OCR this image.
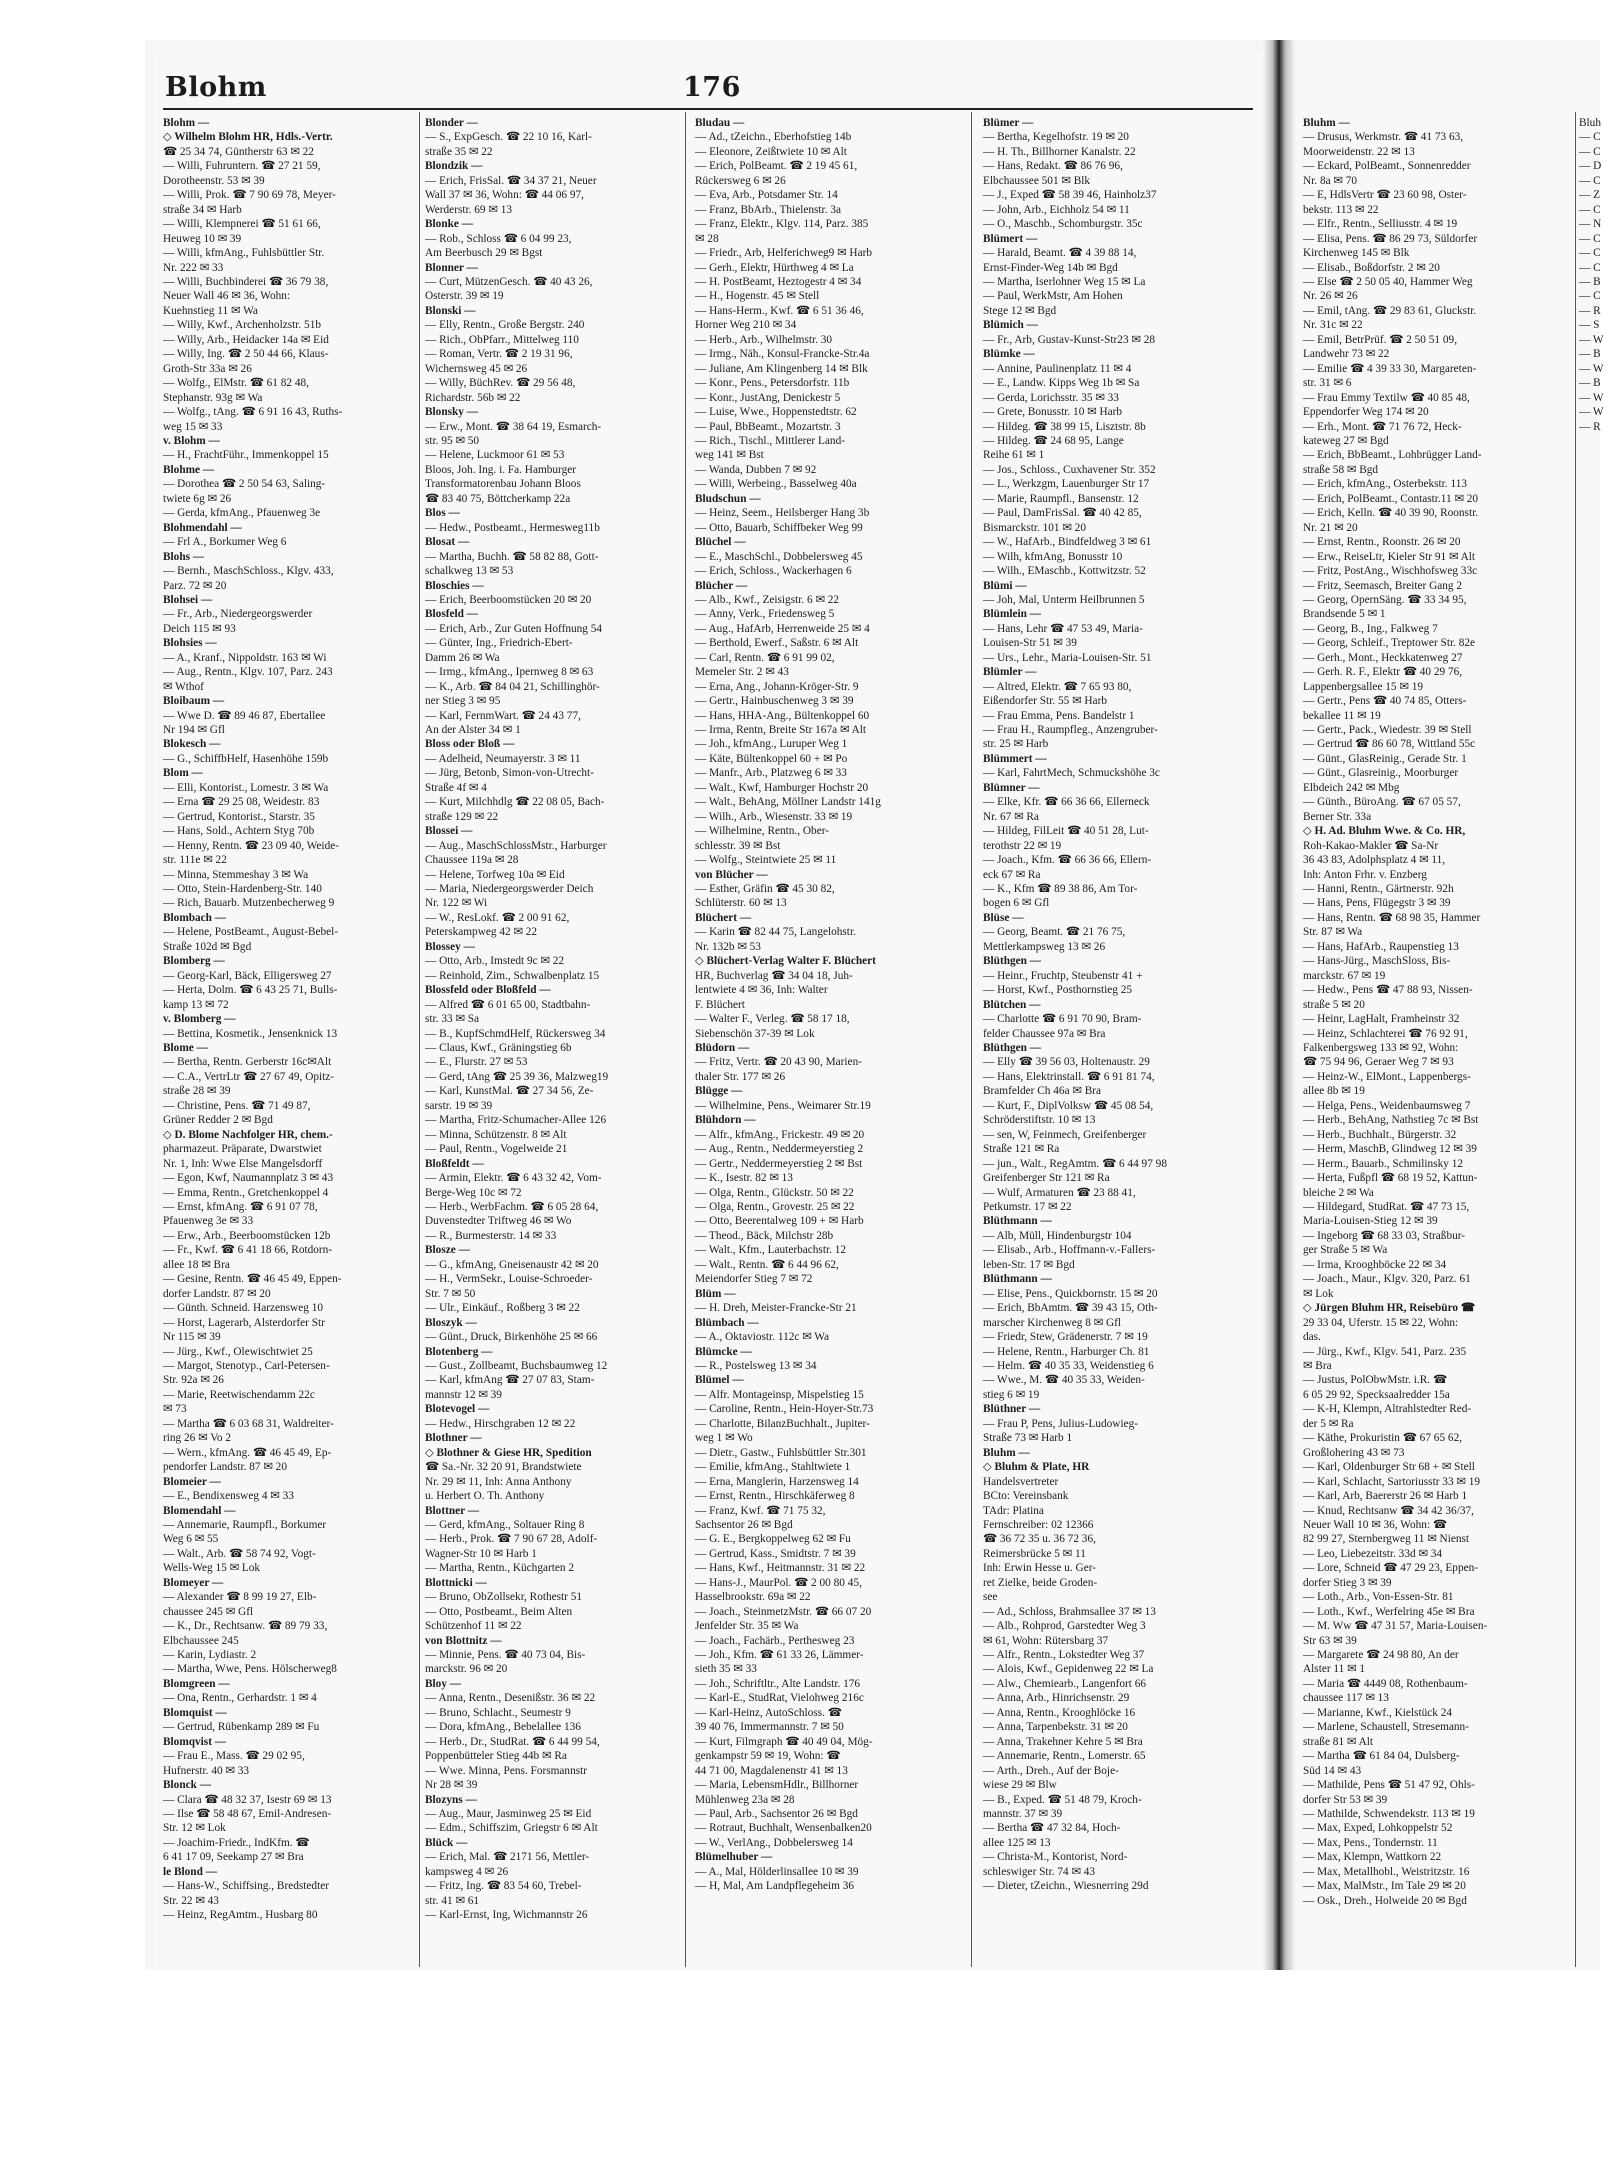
Blohm	176
Blohm —
◇ Wilhelm Blohm HR, Hdls.-Vertr.
☎ 25 34 74, Güntherstr 63 ✉ 22
— Willi, Fuhruntern. ☎ 27 21 59,
Dorotheenstr. 53 ✉ 39
— Willi, Prok. ☎ 7 90 69 78, Meyer-
straße 34 ✉ Harb
— Willi, Klempnerei ☎ 51 61 66,
Heuweg 10 ✉ 39
— Willi, kfmAng., Fuhlsbüttler Str.
Nr. 222 ✉ 33
— Willi, Buchbinderei ☎ 36 79 38,
Neuer Wall 46 ✉ 36, Wohn:
Kuehnstieg 11 ✉ Wa
— Willy, Kwf., Archenholzstr. 51b
— Willy, Arb., Heidacker 14a ✉ Eid
— Willy, Ing. ☎ 2 50 44 66, Klaus-
Groth-Str 33a ✉ 26
— Wolfg., ElMstr. ☎ 61 82 48,
Stephanstr. 93g ✉ Wa
— Wolfg., tAng. ☎ 6 91 16 43, Ruths-
weg 15 ✉ 33
v. Blohm —
— H., FrachtFühr., Immenkoppel 15
Blohme —
— Dorothea ☎ 2 50 54 63, Saling-
twiete 6g ✉ 26
— Gerda, kfmAng., Pfauenweg 3e
Blohmendahl —
— Frl A., Borkumer Weg 6
Blohs —
— Bernh., MaschSchloss., Klgv. 433,
Parz. 72 ✉ 20
Blohsei —
— Fr., Arb., Niedergeorgswerder
Deich 115 ✉ 93
Blohsies —
— A., Kranf., Nippoldstr. 163 ✉ Wi
— Aug., Rentn., Klgv. 107, Parz. 243
✉ Wthof
Bloibaum —
— Wwe D. ☎ 89 46 87, Ebertallee
Nr 194 ✉ Gfl
Blokesch —
— G., SchiffbHelf, Hasenhöhe 159b
Blom —
— Elli, Kontorist., Lomestr. 3 ✉ Wa
— Erna ☎ 29 25 08, Weidestr. 83
— Gertrud, Kontorist., Starstr. 35
— Hans, Sold., Achtern Styg 70b
— Henny, Rentn. ☎ 23 09 40, Weide-
str. 111e ✉ 22
— Minna, Stemmeshay 3 ✉ Wa
— Otto, Stein-Hardenberg-Str. 140
— Rich, Bauarb. Mutzenbecherweg 9
Blombach —
— Helene, PostBeamt., August-Bebel-
Straße 102d ✉ Bgd
Blomberg —
— Georg-Karl, Bäck, Elligersweg 27
— Herta, Dolm. ☎ 6 43 25 71, Bulls-
kamp 13 ✉ 72
v. Blomberg —
— Bettina, Kosmetik., Jensenknick 13
Blome —
— Bertha, Rentn. Gerberstr 16c✉Alt
— C.A., VertrLtr ☎ 27 67 49, Opitz-
straße 28 ✉ 39
— Christine, Pens. ☎ 71 49 87,
Grüner Redder 2 ✉ Bgd
◇ D. Blome Nachfolger HR, chem.-
pharmazeut. Präparate, Dwarstwiet
Nr. 1, Inh: Wwe Else Mangelsdorff
— Egon, Kwf, Naumannplatz 3 ✉ 43
— Emma, Rentn., Gretchenkoppel 4
— Ernst, kfmAng. ☎ 6 91 07 78,
Pfauenweg 3e ✉ 33
— Erw., Arb., Beerboomstücken 12b
— Fr., Kwf. ☎ 6 41 18 66, Rotdorn-
allee 18 ✉ Bra
— Gesine, Rentn. ☎ 46 45 49, Eppen-
dorfer Landstr. 87 ✉ 20
— Günth. Schneid. Harzensweg 10
— Horst, Lagerarb, Alsterdorfer Str
Nr 115 ✉ 39
— Jürg., Kwf., Olewischtwiet 25
— Margot, Stenotyp., Carl-Petersen-
Str. 92a ✉ 26
— Marie, Reetwischendamm 22c
✉ 73
— Martha ☎ 6 03 68 31, Waldreiter-
ring 26 ✉ Vo 2
— Wern., kfmAng. ☎ 46 45 49, Ep-
pendorfer Landstr. 87 ✉ 20
Blomeier —
— E., Bendixensweg 4 ✉ 33
Blomendahl —
— Annemarie, Raumpfl., Borkumer
Weg 6 ✉ 55
— Walt., Arb. ☎ 58 74 92, Vogt-
Wells-Weg 15 ✉ Lok
Blomeyer —
— Alexander ☎ 8 99 19 27, Elb-
chaussee 245 ✉ Gfl
— K., Dr., Rechtsanw. ☎ 89 79 33,
Elbchaussee 245
— Karin, Lydiastr. 2
— Martha, Wwe, Pens. Hölscherweg8
Blomgreen —
— Ona, Rentn., Gerhardstr. 1 ✉ 4
Blomquist —
— Gertrud, Rübenkamp 289 ✉ Fu
Blomqvist —
— Frau E., Mass. ☎ 29 02 95,
Hufnerstr. 40 ✉ 33
Blonck —
— Clara ☎ 48 32 37, Isestr 69 ✉ 13
— Ilse ☎ 58 48 67, Emil-Andresen-
Str. 12 ✉ Lok
— Joachim-Friedr., IndKfm. ☎
6 41 17 09, Seekamp 27 ✉ Bra
le Blond —
— Hans-W., Schiffsing., Bredstedter
Str. 22 ✉ 43
— Heinz, RegAmtm., Husbarg 80
Blonder —
— S., ExpGesch. ☎ 22 10 16, Karl-
straße 35 ✉ 22
Blondzik —
— Erich, FrisSal. ☎ 34 37 21, Neuer
Wall 37 ✉ 36, Wohn: ☎ 44 06 97,
Werderstr. 69 ✉ 13
Blonke —
— Rob., Schloss ☎ 6 04 99 23,
Am Beerbusch 29 ✉ Bgst
Blonner —
— Curt, MützenGesch. ☎ 40 43 26,
Osterstr. 39 ✉ 19
Blonski —
— Elly, Rentn., Große Bergstr. 240
— Rich., ObPfarr., Mittelweg 110
— Roman, Vertr. ☎ 2 19 31 96,
Wichernsweg 45 ✉ 26
— Willy, BüchRev. ☎ 29 56 48,
Richardstr. 56b ✉ 22
Blonsky —
— Erw., Mont. ☎ 38 64 19, Esmarch-
str. 95 ✉ 50
— Helene, Luckmoor 61 ✉ 53
Bloos, Joh. Ing. i. Fa. Hamburger
Transformatorenbau Johann Bloos
☎ 83 40 75, Böttcherkamp 22a
Blos —
— Hedw., Postbeamt., Hermesweg11b
Blosat —
— Martha, Buchh. ☎ 58 82 88, Gott-
schalkweg 13 ✉ 53
Bloschies —
— Erich, Beerboomstücken 20 ✉ 20
Blosfeld —
— Erich, Arb., Zur Guten Hoffnung 54
— Günter, Ing., Friedrich-Ebert-
Damm 26 ✉ Wa
— Irmg., kfmAng., Ipernweg 8 ✉ 63
— K., Arb. ☎ 84 04 21, Schillinghör-
ner Stieg 3 ✉ 95
— Karl, FernmWart. ☎ 24 43 77,
An der Alster 34 ✉ 1
Bloss oder Bloß —
— Adelheid, Neumayerstr. 3 ✉ 11
— Jürg, Betonb, Simon-von-Utrecht-
Straße 4f ✉ 4
— Kurt, Milchhdlg ☎ 22 08 05, Bach-
straße 129 ✉ 22
Blossei —
— Aug., MaschSchlossMstr., Harburger
Chaussee 119a ✉ 28
— Helene, Torfweg 10a ✉ Eid
— Maria, Niedergeorgswerder Deich
Nr. 122 ✉ Wi
— W., ResLokf. ☎ 2 00 91 62,
Peterskampweg 42 ✉ 22
Blossey —
— Otto, Arb., Imstedt 9c ✉ 22
— Reinhold, Zim., Schwalbenplatz 15
Blossfeld oder Bloßfeld —
— Alfred ☎ 6 01 65 00, Stadtbahn-
str. 33 ✉ Sa
— B., KupfSchmdHelf, Rückersweg 34
— Claus, Kwf., Gräningstieg 6b
— E., Flurstr. 27 ✉ 53
— Gerd, tAng ☎ 25 39 36, Malzweg19
— Karl, KunstMal. ☎ 27 34 56, Ze-
sarstr. 19 ✉ 39
— Martha, Fritz-Schumacher-Allee 126
— Minna, Schützenstr. 8 ✉ Alt
— Paul, Rentn., Vogelweide 21
Bloßfeldt —
— Armin, Elektr. ☎ 6 43 32 42, Vom-
Berge-Weg 10c ✉ 72
— Herb., WerbFachm. ☎ 6 05 28 64,
Duvenstedter Triftweg 46 ✉ Wo
— R., Burmesterstr. 14 ✉ 33
Blosze —
— G., kfmAng, Gneisenaustr 42 ✉ 20
— H., VermSekr., Louise-Schroeder-
Str. 7 ✉ 50
— Ulr., Einkäuf., Roßberg 3 ✉ 22
Bloszyk —
— Günt., Druck, Birkenhöhe 25 ✉ 66
Blotenberg —
— Gust., Zollbeamt, Buchsbaumweg 12
— Karl, kfmAng ☎ 27 07 83, Stam-
mannstr 12 ✉ 39
Blotevogel —
— Hedw., Hirschgraben 12 ✉ 22
Blothner —
◇ Blothner & Giese HR, Spedition
☎ Sa.-Nr. 32 20 91, Brandstwiete
Nr. 29 ✉ 11, Inh: Anna Anthony
u. Herbert O. Th. Anthony
Blottner —
— Gerd, kfmAng., Soltauer Ring 8
— Herb., Prok. ☎ 7 90 67 28, Adolf-
Wagner-Str 10 ✉ Harb 1
— Martha, Rentn., Küchgarten 2
Blottnicki —
— Bruno, ObZollsekr, Rothestr 51
— Otto, Postbeamt., Beim Alten
Schützenhof 11 ✉ 22
von Blottnitz —
— Minnie, Pens. ☎ 40 73 04, Bis-
marckstr. 96 ✉ 20
Bloy —
— Anna, Rentn., Desenißstr. 36 ✉ 22
— Bruno, Schlacht., Seumestr 9
— Dora, kfmAng., Bebelallee 136
— Herb., Dr., StudRat. ☎ 6 44 99 54,
Poppenbütteler Stieg 44b ✉ Ra
— Wwe. Minna, Pens. Forsmannstr
Nr 28 ✉ 39
Blozyns —
— Aug., Maur, Jasminweg 25 ✉ Eid
— Edm., Schiffszim, Griegstr 6 ✉ Alt
Blück —
— Erich, Mal. ☎ 2171 56, Mettler-
kampsweg 4 ✉ 26
— Fritz, Ing. ☎ 83 54 60, Trebel-
str. 41 ✉ 61
— Karl-Ernst, Ing, Wichmannstr 26
Bludau —
— Ad., tZeichn., Eberhofstieg 14b
— Eleonore, Zeißtwiete 10 ✉ Alt
— Erich, PolBeamt. ☎ 2 19 45 61,
Rückersweg 6 ✉ 26
— Eva, Arb., Potsdamer Str. 14
— Franz, BbArb., Thielenstr. 3a
— Franz, Elektr., Klgv. 114, Parz. 385
✉ 28
— Friedr., Arb, Helferichweg9 ✉ Harb
— Gerh., Elektr, Hürthweg 4 ✉ La
— H. PostBeamt, Heztogestr 4 ✉ 34
— H., Hogenstr. 45 ✉ Stell
— Hans-Herm., Kwf. ☎ 6 51 36 46,
Horner Weg 210 ✉ 34
— Herb., Arb., Wilhelmstr. 30
— Irmg., Näh., Konsul-Francke-Str.4a
— Juliane, Am Klingenberg 14 ✉ Blk
— Konr., Pens., Petersdorfstr. 11b
— Konr., JustAng, Denickestr 5
— Luise, Wwe., Hoppenstedtstr. 62
— Paul, BbBeamt., Mozartstr. 3
— Rich., Tischl., Mittlerer Land-
weg 141 ✉ Bst
— Wanda, Dubben 7 ✉ 92
— Willi, Werbeing., Basselweg 40a
Bludschun —
— Heinz, Seem., Heilsberger Hang 3b
— Otto, Bauarb, Schiffbeker Weg 99
Blüchel —
— E., MaschSchl., Dobbelersweg 45
— Erich, Schloss., Wackerhagen 6
Blücher —
— Alb., Kwf., Zeisigstr. 6 ✉ 22
— Anny, Verk., Friedensweg 5
— Aug., HafArb, Herrenweide 25 ✉ 4
— Berthold, Ewerf., Saßstr. 6 ✉ Alt
— Carl, Rentn. ☎ 6 91 99 02,
Memeler Str. 2 ✉ 43
— Erna, Ang., Johann-Kröger-Str. 9
— Gertr., Hainbuschenweg 3 ✉ 39
— Hans, HHA-Ang., Bültenkoppel 60
— Irma, Rentn, Breite Str 167a ✉ Alt
— Joh., kfmAng., Luruper Weg 1
— Käte, Bültenkoppel 60 + ✉ Po
— Manfr., Arb., Platzweg 6 ✉ 33
— Walt., Kwf, Hamburger Hochstr 20
— Walt., BehAng, Möllner Landstr 141g
— Wilh., Arb., Wiesenstr. 33 ✉ 19
— Wilhelmine, Rentn., Ober-
schlesstr. 39 ✉ Bst
— Wolfg., Steintwiete 25 ✉ 11
von Blücher —
— Esther, Gräfin ☎ 45 30 82,
Schlüterstr. 60 ✉ 13
Blüchert —
— Karin ☎ 82 44 75, Langelohstr.
Nr. 132b ✉ 53
◇ Blüchert-Verlag Walter F. Blüchert
HR, Buchverlag ☎ 34 04 18, Juh-
lentwiete 4 ✉ 36, Inh: Walter
F. Blüchert
— Walter F., Verleg. ☎ 58 17 18,
Siebenschön 37-39 ✉ Lok
Blüdorn —
— Fritz, Vertr. ☎ 20 43 90, Marien-
thaler Str. 177 ✉ 26
Blügge —
— Wilhelmine, Pens., Weimarer Str.19
Blühdorn —
— Alfr., kfmAng., Frickestr. 49 ✉ 20
— Aug., Rentn., Neddermeyerstieg 2
— Gertr., Neddermeyerstieg 2 ✉ Bst
— K., Isestr. 82 ✉ 13
— Olga, Rentn., Glückstr. 50 ✉ 22
— Olga, Rentn., Grovestr. 25 ✉ 22
— Otto, Beerentalweg 109 + ✉ Harb
— Theod., Bäck, Milchstr 28b
— Walt., Kfm., Lauterbachstr. 12
— Walt., Rentn. ☎ 6 44 96 62,
Meiendorfer Stieg 7 ✉ 72
Blüm —
— H. Dreh, Meister-Francke-Str 21
Blümbach —
— A., Oktaviostr. 112c ✉ Wa
Blümcke —
— R., Postelsweg 13 ✉ 34
Blümel —
— Alfr. Montageinsp, Mispelstieg 15
— Caroline, Rentn., Hein-Hoyer-Str.73
— Charlotte, BilanzBuchhalt., Jupiter-
weg 1 ✉ Wo
— Dietr., Gastw., Fuhlsbüttler Str.301
— Emilie, kfmAng., Stahltwiete 1
— Erna, Manglerin, Harzensweg 14
— Ernst, Rentn., Hirschkäferweg 8
— Franz, Kwf. ☎ 71 75 32,
Sachsentor 26 ✉ Bgd
— G. E., Bergkoppelweg 62 ✉ Fu
— Gertrud, Kass., Smidtstr. 7 ✉ 39
— Hans, Kwf., Heitmannstr. 31 ✉ 22
— Hans-J., MaurPol. ☎ 2 00 80 45,
Hasselbrookstr. 69a ✉ 22
— Joach., SteinmetzMstr. ☎ 66 07 20
Jenfelder Str. 35 ✉ Wa
— Joach., Fachärb., Perthesweg 23
— Joh., Kfm. ☎ 61 33 26, Lämmer-
sieth 35 ✉ 33
— Joh., Schriftltr., Alte Landstr. 176
— Karl-E., StudRat, Vielohweg 216c
— Karl-Heinz, AutoSchloss. ☎
39 40 76, Immermannstr. 7 ✉ 50
— Kurt, Filmgraph ☎ 40 49 04, Mög-
genkampstr 59 ✉ 19, Wohn: ☎
44 71 00, Magdalenenstr 41 ✉ 13
— Maria, LebensmHdlr., Billhorner
Mühlenweg 23a ✉ 28
— Paul, Arb., Sachsentor 26 ✉ Bgd
— Rotraut, Buchhalt, Wensenbalken20
— W., VerlAng., Dobbelersweg 14
Blümelhuber —
— A., Mal, Hölderlinsallee 10 ✉ 39
— H, Mal, Am Landpflegeheim 36
Blümer —
— Bertha, Kegelhofstr. 19 ✉ 20
— H. Th., Billhorner Kanalstr. 22
— Hans, Redakt. ☎ 86 76 96,
Elbchaussee 501 ✉ Blk
— J., Exped ☎ 58 39 46, Hainholz37
— John, Arb., Eichholz 54 ✉ 11
— O., Maschb., Schomburgstr. 35c
Blümert —
— Harald, Beamt. ☎ 4 39 88 14,
Ernst-Finder-Weg 14b ✉ Bgd
— Martha, Iserlohner Weg 15 ✉ La
— Paul, WerkMstr, Am Hohen
Stege 12 ✉ Bgd
Blümich —
— Fr., Arb, Gustav-Kunst-Str23 ✉ 28
Blümke —
— Annine, Paulinenplatz 11 ✉ 4
— E., Landw. Kipps Weg 1b ✉ Sa
— Gerda, Lorichsstr. 35 ✉ 33
— Grete, Bonusstr. 10 ✉ Harb
— Hildeg. ☎ 38 99 15, Lisztstr. 8b
— Hildeg. ☎ 24 68 95, Lange
Reihe 61 ✉ 1
— Jos., Schloss., Cuxhavener Str. 352
— L., Werkzgm, Lauenburger Str 17
— Marie, Raumpfl., Bansenstr. 12
— Paul, DamFrisSal. ☎ 40 42 85,
Bismarckstr. 101 ✉ 20
— W., HafArb., Bindfeldweg 3 ✉ 61
— Wilh, kfmAng, Bonusstr 10
— Wilh., EMaschb., Kottwitzstr. 52
Blümi —
— Joh, Mal, Unterm Heilbrunnen 5
Blümlein —
— Hans, Lehr ☎ 47 53 49, Maria-
Louisen-Str 51 ✉ 39
— Urs., Lehr., Maria-Louisen-Str. 51
Blümler —
— Altred, Elektr. ☎ 7 65 93 80,
Eißendorfer Str. 55 ✉ Harb
— Frau Emma, Pens. Bandelstr 1
— Frau H., Raumpfleg., Anzengruber-
str. 25 ✉ Harb
Blümmert —
— Karl, FahrtMech, Schmuckshöhe 3c
Blümner —
— Elke, Kfr. ☎ 66 36 66, Ellerneck
Nr. 67 ✉ Ra
— Hildeg, FilLeit ☎ 40 51 28, Lut-
terothstr 22 ✉ 19
— Joach., Kfm. ☎ 66 36 66, Ellern-
eck 67 ✉ Ra
— K., Kfm ☎ 89 38 86, Am Tor-
bogen 6 ✉ Gfl
Blüse —
— Georg, Beamt. ☎ 21 76 75,
Mettlerkampsweg 13 ✉ 26
Blüthgen —
— Heinr., Fruchtp, Steubenstr 41 +
— Horst, Kwf., Posthornstieg 25
Blütchen —
— Charlotte ☎ 6 91 70 90, Bram-
felder Chaussee 97a ✉ Bra
Blüthgen —
— Elly ☎ 39 56 03, Holtenaustr. 29
— Hans, Elektrinstall. ☎ 6 91 81 74,
Bramfelder Ch 46a ✉ Bra
— Kurt, F., DiplVolksw ☎ 45 08 54,
Schröderstiftstr. 10 ✉ 13
— sen, W, Feinmech, Greifenberger
Straße 121 ✉ Ra
— jun., Walt., RegAmtm. ☎ 6 44 97 98
Greifenberger Str 121 ✉ Ra
— Wulf, Armaturen ☎ 23 88 41,
Petkumstr. 17 ✉ 22
Blüthmann —
— Alb, Müll, Hindenburgstr 104
— Elisab., Arb., Hoffmann-v.-Fallers-
leben-Str. 17 ✉ Bgd
Blüthmann —
— Elise, Pens., Quickbornstr. 15 ✉ 20
— Erich, BbAmtm. ☎ 39 43 15, Oth-
marscher Kirchenweg 8 ✉ Gfl
— Friedr, Stew, Grädenerstr. 7 ✉ 19
— Helene, Rentn., Harburger Ch. 81
— Helm. ☎ 40 35 33, Weidenstieg 6
— Wwe., M. ☎ 40 35 33, Weiden-
stieg 6 ✉ 19
Blüthner —
— Frau P, Pens, Julius-Ludowieg-
Straße 73 ✉ Harb 1
Bluhm —
◇ Bluhm & Plate, HR
Handelsvertreter
BCto: Vereinsbank
TAdr: Platina
Fernschreiber: 02 12366
☎ 36 72 35 u. 36 72 36,
Reimersbrücke 5 ✉ 11
Inh: Erwin Hesse u. Ger-
ret Zielke, beide Groden-
see
— Ad., Schloss, Brahmsallee 37 ✉ 13
— Alb., Rohprod, Garstedter Weg 3
✉ 61, Wohn: Rütersbarg 37
— Alfr., Rentn., Lokstedter Weg 37
— Alois, Kwf., Gepidenweg 22 ✉ La
— Alw., Chemiearb., Langenfort 66
— Anna, Arb., Hinrichsenstr. 29
— Anna, Rentn., Krooghlöcke 16
— Anna, Tarpenbekstr. 31 ✉ 20
— Anna, Trakehner Kehre 5 ✉ Bra
— Annemarie, Rentn., Lomerstr. 65
— Arth., Dreh., Auf der Boje-
wiese 29 ✉ Blw
— B., Exped. ☎ 51 48 79, Kroch-
mannstr. 37 ✉ 39
— Bertha ☎ 47 32 84, Hoch-
allee 125 ✉ 13
— Christa-M., Kontorist, Nord-
schleswiger Str. 74 ✉ 43
— Dieter, tZeichn., Wiesnerring 29d
Bluhm —
— Drusus, Werkmstr. ☎ 41 73 63,
Moorweidenstr. 22 ✉ 13
— Eckard, PolBeamt., Sonnenredder
Nr. 8a ✉ 70
— E, HdlsVertr ☎ 23 60 98, Oster-
bekstr. 113 ✉ 22
— Elfr., Rentn., Selliusstr. 4 ✉ 19
— Elisa, Pens. ☎ 86 29 73, Süldorfer
Kirchenweg 145 ✉ Blk
— Elisab., Boßdorfstr. 2 ✉ 20
— Else ☎ 2 50 05 40, Hammer Weg
Nr. 26 ✉ 26
— Emil, tAng. ☎ 29 83 61, Gluckstr.
Nr. 31c ✉ 22
— Emil, BetrPrüf. ☎ 2 50 51 09,
Landwehr 73 ✉ 22
— Emilie ☎ 4 39 33 30, Margareten-
str. 31 ✉ 6
— Frau Emmy Textilw ☎ 40 85 48,
Eppendorfer Weg 174 ✉ 20
— Erh., Mont. ☎ 71 76 72, Heck-
kateweg 27 ✉ Bgd
— Erich, BbBeamt., Lohbrügger Land-
straße 58 ✉ Bgd
— Erich, kfmAng., Osterbekstr. 113
— Erich, PolBeamt., Contastr.11 ✉ 20
— Erich, Kelln. ☎ 40 39 90, Roonstr.
Nr. 21 ✉ 20
— Ernst, Rentn., Roonstr. 26 ✉ 20
— Erw., ReiseLtr, Kieler Str 91 ✉ Alt
— Fritz, PostAng., Wischhofsweg 33c
— Fritz, Seemasch, Breiter Gang 2
— Georg, OpernSäng. ☎ 33 34 95,
Brandsende 5 ✉ 1
— Georg, B., Ing., Falkweg 7
— Georg, Schleif., Treptower Str. 82e
— Gerh., Mont., Heckkatenweg 27
— Gerh. R. F., Elektr ☎ 40 29 76,
Lappenbergsallee 15 ✉ 19
— Gertr., Pens ☎ 40 74 85, Otters-
bekallee 11 ✉ 19
— Gertr., Pack., Wiedestr. 39 ✉ Stell
— Gertrud ☎ 86 60 78, Wittland 55c
— Günt., GlasReinig., Gerade Str. 1
— Günt., Glasreinig., Moorburger
Elbdeich 242 ✉ Mbg
— Günth., BüroAng. ☎ 67 05 57,
Berner Str. 33a
◇ H. Ad. Bluhm Wwe. & Co. HR,
Roh-Kakao-Makler ☎ Sa-Nr
36 43 83, Adolphsplatz 4 ✉ 11,
Inh: Anton Frhr. v. Enzberg
— Hanni, Rentn., Gärtnerstr. 92h
— Hans, Pens, Flügegstr 3 ✉ 39
— Hans, Rentn. ☎ 68 98 35, Hammer
Str. 87 ✉ Wa
— Hans, HafArb., Raupenstieg 13
— Hans-Jürg., MaschSloss, Bis-
marckstr. 67 ✉ 19
— Hedw., Pens ☎ 47 88 93, Nissen-
straße 5 ✉ 20
— Heinr, LagHalt, Framheinstr 32
— Heinz, Schlachterei ☎ 76 92 91,
Falkenbergsweg 133 ✉ 92, Wohn:
☎ 75 94 96, Geraer Weg 7 ✉ 93
— Heinz-W., ElMont., Lappenbergs-
allee 8b ✉ 19
— Helga, Pens., Weidenbaumsweg 7
— Herb., BehAng, Nathstieg 7c ✉ Bst
— Herb., Buchhalt., Bürgerstr. 32
— Herm, MaschB, Glindweg 12 ✉ 39
— Herm., Bauarb., Schmilinsky 12
— Herta, Fußpfl ☎ 68 19 52, Kattun-
bleiche 2 ✉ Wa
— Hildegard, StudRat. ☎ 47 73 15,
Maria-Louisen-Stieg 12 ✉ 39
— Ingeborg ☎ 68 33 03, Straßbur-
ger Straße 5 ✉ Wa
— Irma, Krooghböcke 22 ✉ 34
— Joach., Maur., Klgv. 320, Parz. 61
✉ Lok
◇ Jürgen Bluhm HR, Reisebüro ☎
29 33 04, Uferstr. 15 ✉ 22, Wohn:
das.
— Jürg., Kwf., Klgv. 541, Parz. 235
✉ Bra
— Justus, PolObwMstr. i.R. ☎
6 05 29 92, Specksaalredder 15a
— K-H, Klempn, Altrahlstedter Red-
der 5 ✉ Ra
— Käthe, Prokuristin ☎ 67 65 62,
Großlohering 43 ✉ 73
— Karl, Oldenburger Str 68 + ✉ Stell
— Karl, Schlacht, Sartoriusstr 33 ✉ 19
— Karl, Arb, Baererstr 26 ✉ Harb 1
— Knud, Rechtsanw ☎ 34 42 36/37,
Neuer Wall 10 ✉ 36, Wohn: ☎
82 99 27, Sternbergweg 11 ✉ Nienst
— Leo, Liebezeitstr. 33d ✉ 34
— Lore, Schneid ☎ 47 29 23, Eppen-
dorfer Stieg 3 ✉ 39
— Loth., Arb., Von-Essen-Str. 81
— Loth., Kwf., Werfelring 45e ✉ Bra
— M. Ww ☎ 47 31 57, Maria-Louisen-
Str 63 ✉ 39
— Margarete ☎ 24 98 80, An der
Alster 11 ✉ 1
— Maria ☎ 4449 08, Rothenbaum-
chaussee 117 ✉ 13
— Marianne, Kwf., Kielstück 24
— Marlene, Schaustell, Stresemann-
straße 81 ✉ Alt
— Martha ☎ 61 84 04, Dulsberg-
Süd 14 ✉ 43
— Mathilde, Pens ☎ 51 47 92, Ohls-
dorfer Str 53 ✉ 39
— Mathilde, Schwendekstr. 113 ✉ 19
— Max, Exped, Lohkoppelstr 52
— Max, Pens., Tondernstr. 11
— Max, Klempn, Wattkorn 22
— Max, Metallhobl., Weistritzstr. 16
— Max, MalMstr., Im Tale 29 ✉ 20
— Osk., Dreh., Holweide 20 ✉ Bgd
Bluh
— C
— C
— D
— C
— Z
— C
— N
— C
— C
— C
— B
— C
— R
— S
— W
— B
— W
— B
— W
— W
— R
